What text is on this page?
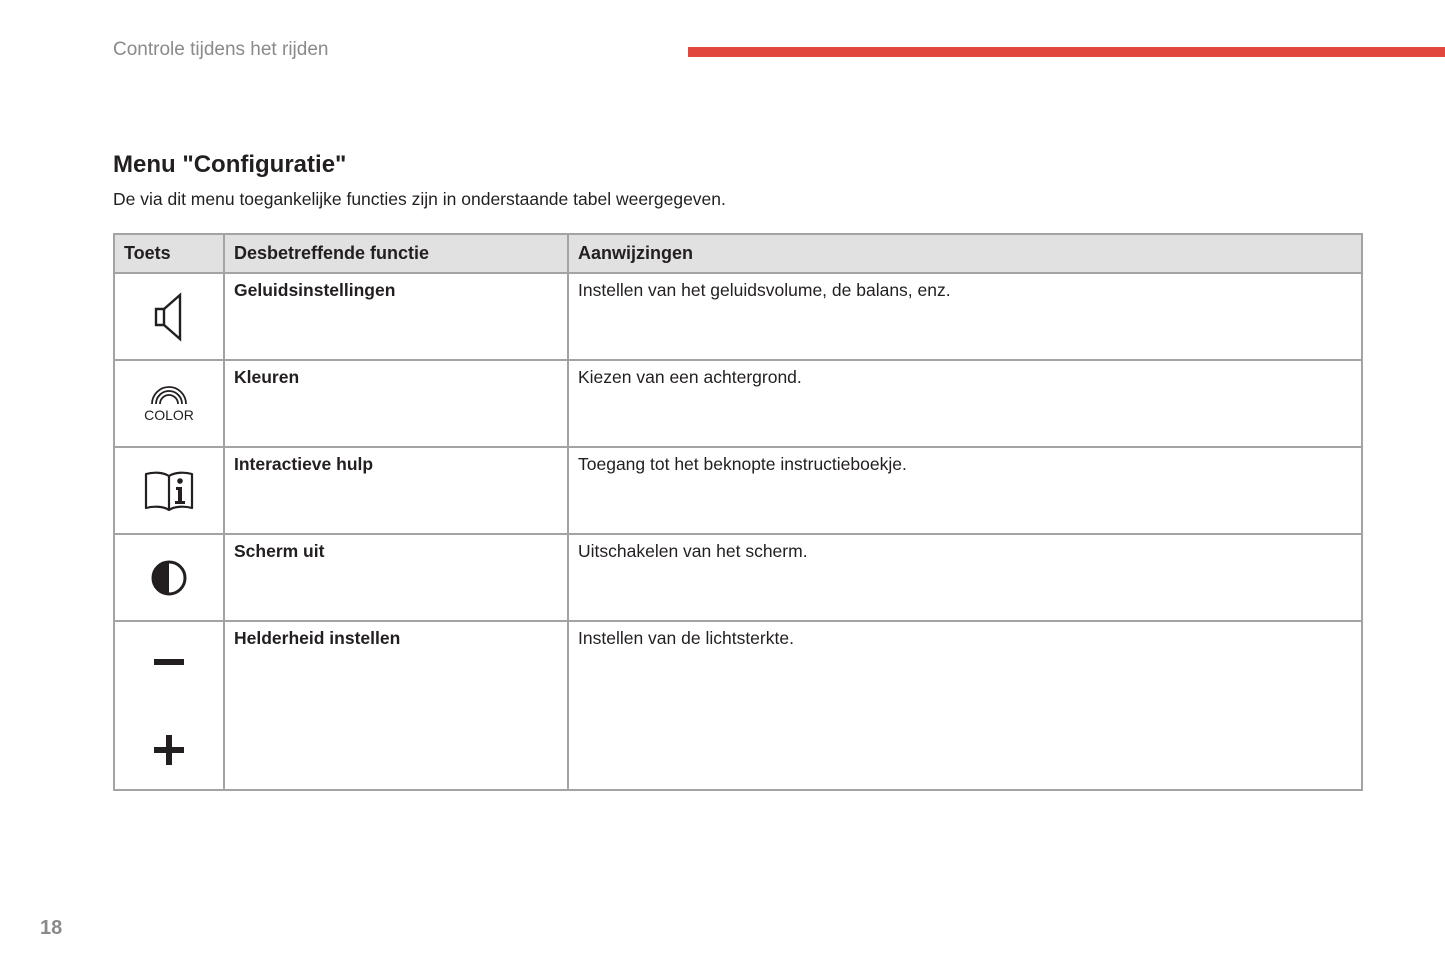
Controle tijdens het rijden
Menu "Configuratie"
De via dit menu toegankelijke functies zijn in onderstaande tabel weergegeven.
Toets	Desbetreffende functie	Aanwijzingen

	Geluidsinstellingen	Instellen van het geluidsvolume, de balans, enz.

COLOR	Kleuren	Kiezen van een achtergrond.

	Interactieve hulp	Toegang tot het beknopte instructieboekje.

	Scherm uit	Uitschakelen van het scherm.

	Helderheid instellen	Instellen van de lichtsterkte.
18
